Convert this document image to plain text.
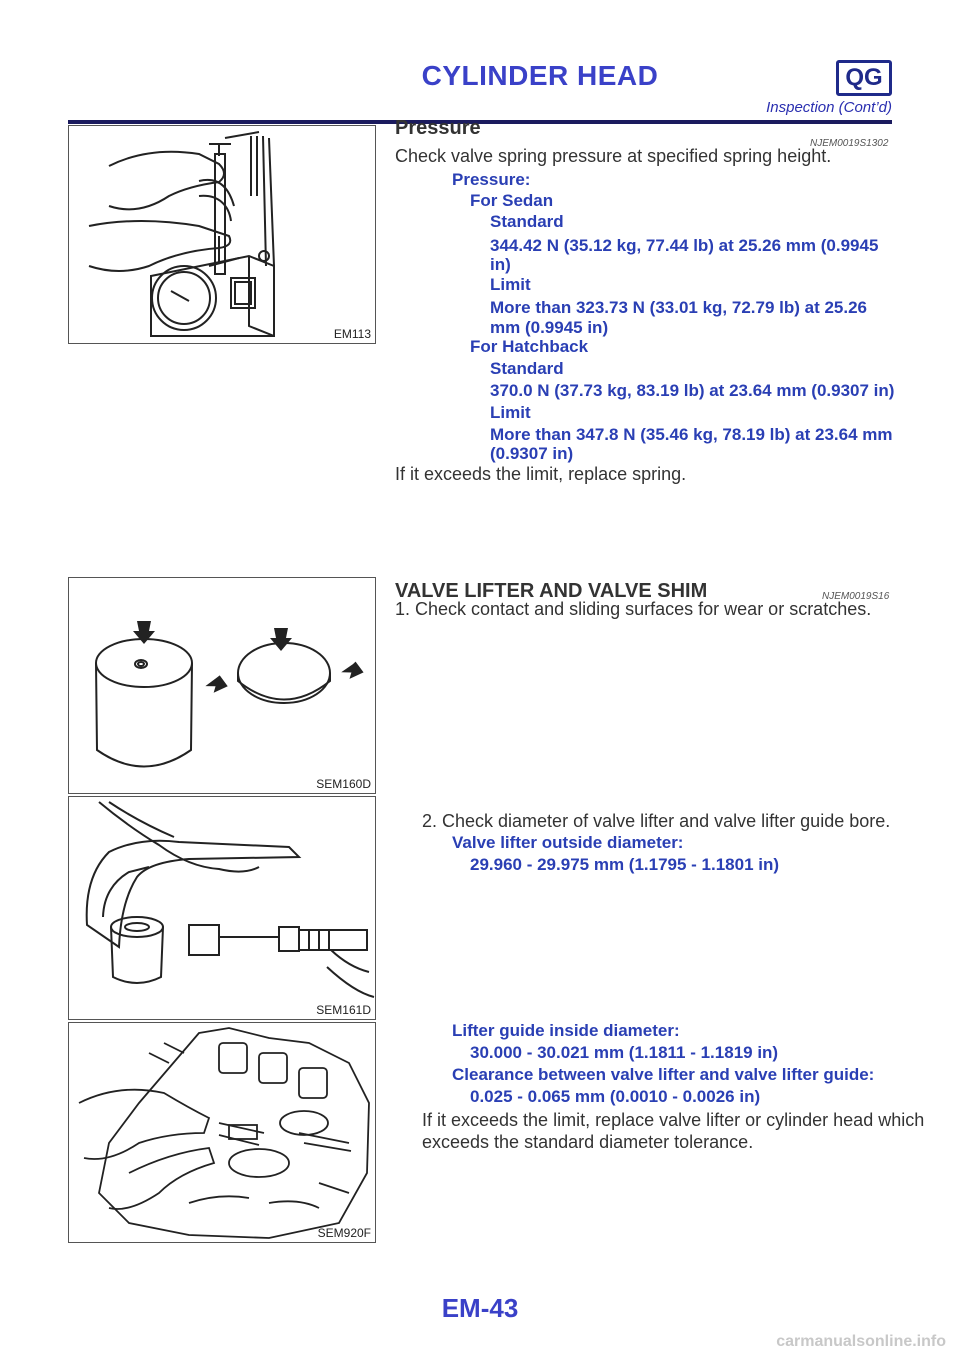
CYLINDER HEAD	QG
Inspection (Cont’d)
EM113
Pressure
NJEM0019S1302
Check valve spring pressure at specified spring height.
Pressure:
For Sedan
Standard
344.42 N (35.12 kg, 77.44 lb) at 25.26 mm (0.9945
in)
Limit
More than 323.73 N (33.01 kg, 72.79 lb) at 25.26
mm (0.9945 in)
For Hatchback
Standard
370.0 N (37.73 kg, 83.19 lb) at 23.64 mm (0.9307 in)
Limit
More than 347.8 N (35.46 kg, 78.19 lb) at 23.64 mm
(0.9307 in)
If it exceeds the limit, replace spring.
SEM160D
VALVE LIFTER AND VALVE SHIM	NJEM0019S16
1. Check contact and sliding surfaces for wear or scratches.
SEM161D
2. Check diameter of valve lifter and valve lifter guide bore.
Valve lifter outside diameter:
29.960 - 29.975 mm (1.1795 - 1.1801 in)
SEM920F
Lifter guide inside diameter:
30.000 - 30.021 mm (1.1811 - 1.1819 in)
Clearance between valve lifter and valve lifter guide:
0.025 - 0.065 mm (0.0010 - 0.0026 in)
If it exceeds the limit, replace valve lifter or cylinder head which
exceeds the standard diameter tolerance.
EM-43
carmanualsonline.info
